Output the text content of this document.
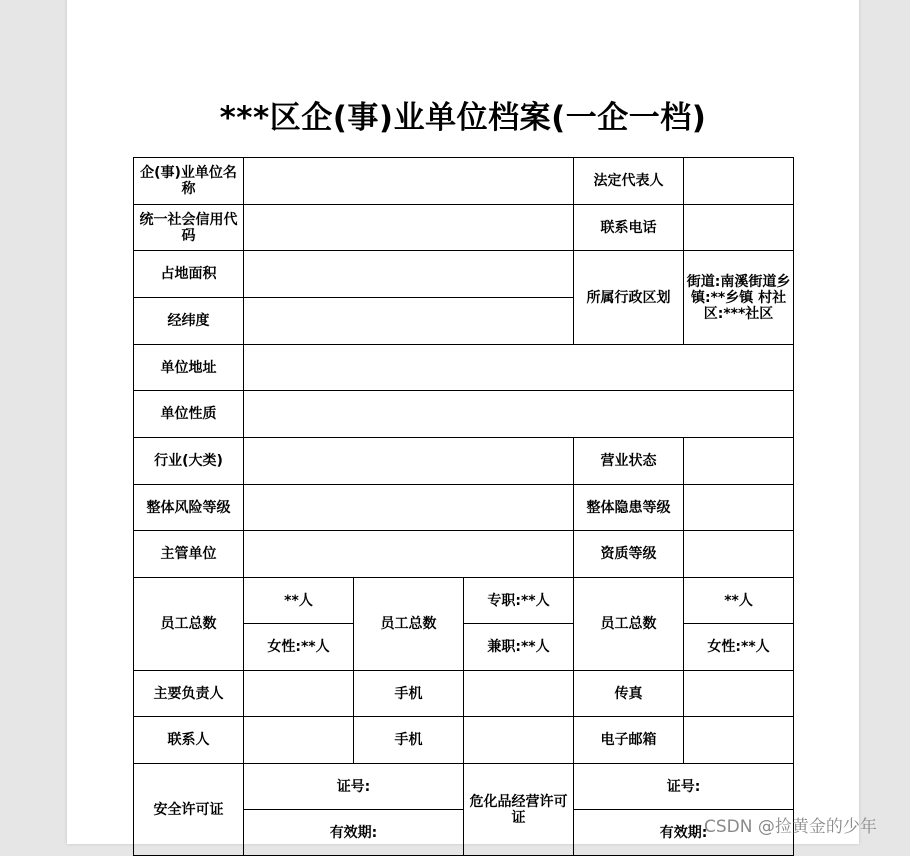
***区企(事)业单位档案(一企一档)
企(事)业单位名称				法定代表人	
统一社会信用代码				联系电话	
占地面积				所属行政区划	街道:南溪街道乡镇:**乡镇 村社区:***社区
经纬度					
单位地址					
单位性质					
行业(大类)				营业状态	
整体风险等级				整体隐患等级	
主管单位				资质等级	
员工总数	**人	员工总数	专职:**人	员工总数	**人
	女性:**人		兼职:**人		女性:**人
主要负责人		手机		传真	
联系人		手机		电子邮箱	
安全许可证	证号:		危化品经营许可证	证号:	
	有效期:			有效期:	
CSDN @捡黄金的少年
